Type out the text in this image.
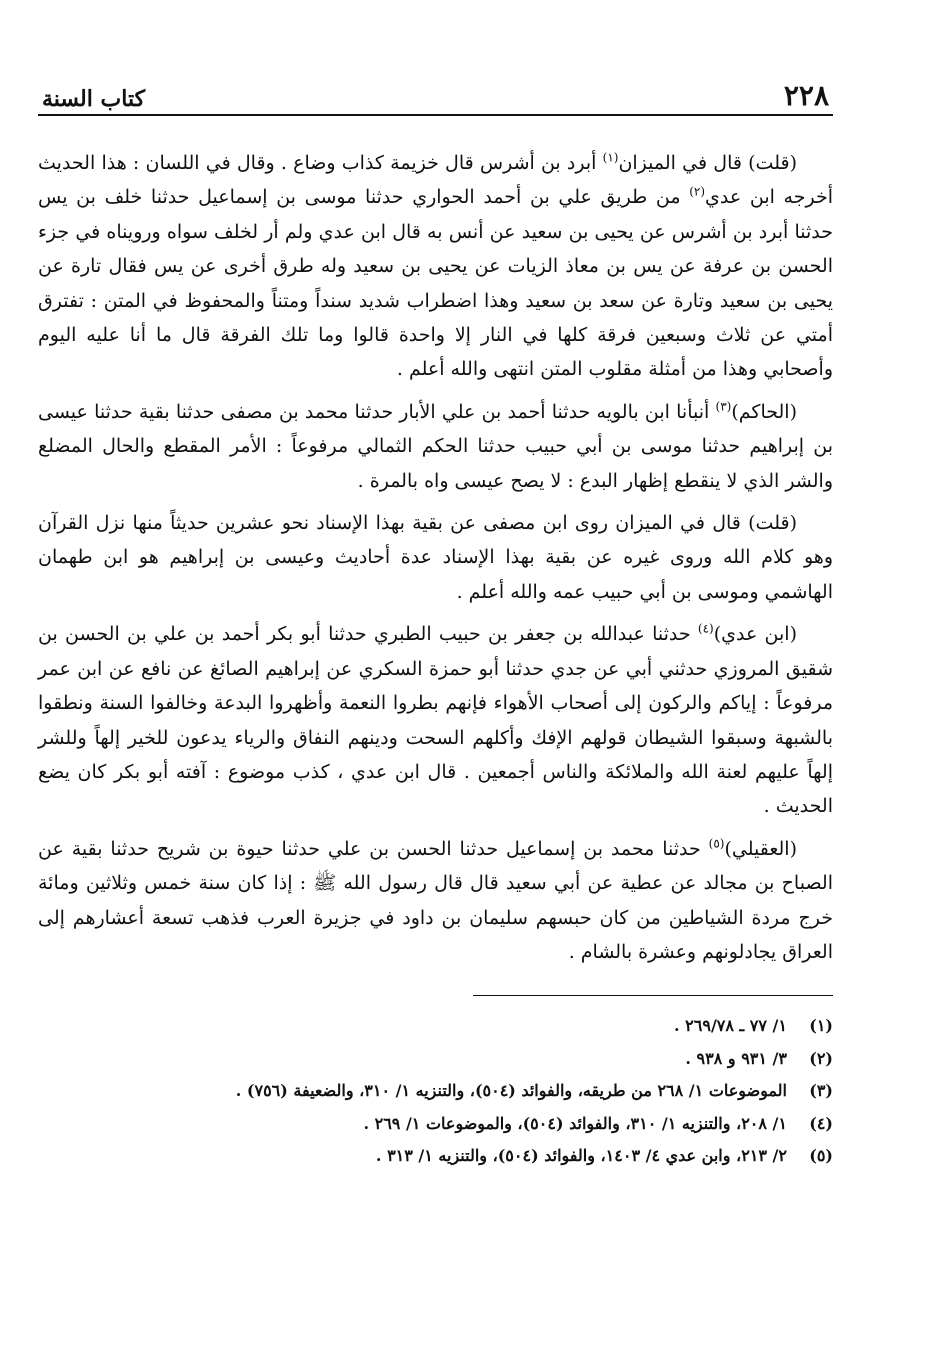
٢٢٨
كتاب السنة

(قلت) قال في الميزان$^{(١)}$ أبرد بن أشرس قال خزيمة كذاب وضاع . وقال في اللسان : هذا الحديث أخرجه ابن عدي$^{(٢)}$ من طريق علي بن أحمد الحواري حدثنا موسى بن إسماعيل حدثنا خلف بن يس حدثنا أبرد بن أشرس عن يحيى بن سعيد عن أنس به قال ابن عدي ولم أر لخلف سواه ورويناه في جزء الحسن بن عرفة عن يس بن معاذ الزيات عن يحيى بن سعيد وله طرق أخرى عن يس فقال تارة عن يحيى بن سعيد وتارة عن سعد بن سعيد وهذا اضطراب شديد سنداً ومتناً والمحفوظ في المتن : تفترق أمتي عن ثلاث وسبعين فرقة كلها في النار إلا واحدة قالوا وما تلك الفرقة قال ما أنا عليه اليوم وأصحابي وهذا من أمثلة مقلوب المتن انتهى والله أعلم .

(الحاكم)$^{(٣)}$ أنبأنا ابن بالويه حدثنا أحمد بن علي الأبار حدثنا محمد بن مصفى حدثنا بقية حدثنا عيسى بن إبراهيم حدثنا موسى بن أبي حبيب حدثنا الحكم الثمالي مرفوعاً : الأمر المقطع والحال المضلع والشر الذي لا ينقطع إظهار البدع : لا يصح عيسى واه بالمرة .

(قلت) قال في الميزان روى ابن مصفى عن بقية بهذا الإسناد نحو عشرين حديثاً منها نزل القرآن وهو كلام الله وروى غيره عن بقية بهذا الإسناد عدة أحاديث وعيسى بن إبراهيم هو ابن طهمان الهاشمي وموسى بن أبي حبيب عمه والله أعلم .

(ابن عدي)$^{(٤)}$ حدثنا عبدالله بن جعفر بن حبيب الطبري حدثنا أبو بكر أحمد بن علي بن الحسن بن شقيق المروزي حدثني أبي عن جدي حدثنا أبو حمزة السكري عن إبراهيم الصائغ عن نافع عن ابن عمر مرفوعاً : إياكم والركون إلى أصحاب الأهواء فإنهم بطروا النعمة وأظهروا البدعة وخالفوا السنة ونطقوا بالشبهة وسبقوا الشيطان قولهم الإفك وأكلهم السحت ودينهم النفاق والرياء يدعون للخير إلهاً وللشر إلهاً عليهم لعنة الله والملائكة والناس أجمعين . قال ابن عدي ، كذب موضوع : آفته أبو بكر كان يضع الحديث .

(العقيلي)$^{(٥)}$ حدثنا محمد بن إسماعيل حدثنا الحسن بن علي حدثنا حيوة بن شريح حدثنا بقية عن الصباح بن مجالد عن عطية عن أبي سعيد قال قال رسول الله ﷺ : إذا كان سنة خمس وثلاثين ومائة خرج مردة الشياطين من كان حبسهم سليمان بن داود في جزيرة العرب فذهب تسعة أعشارهم إلى العراق يجادلونهم وعشرة بالشام .

(١)١/ ٧٧ ـ ٢٦٩/٧٨ .
(٢)٣/ ٩٣١ و ٩٣٨ .
(٣)الموضوعات ١/ ٢٦٨ من طريقه، والفوائد (٥٠٤)، والتنزيه ١/ ٣١٠، والضعيفة (٧٥٦) .
(٤)١/ ٢٠٨، والتنزيه ١/ ٣١٠، والفوائد (٥٠٤)، والموضوعات ١/ ٢٦٩ .
(٥)٢/ ٢١٣، وابن عدي ٤/ ١٤٠٣، والفوائد (٥٠٤)، والتنزيه ١/ ٣١٣ .
